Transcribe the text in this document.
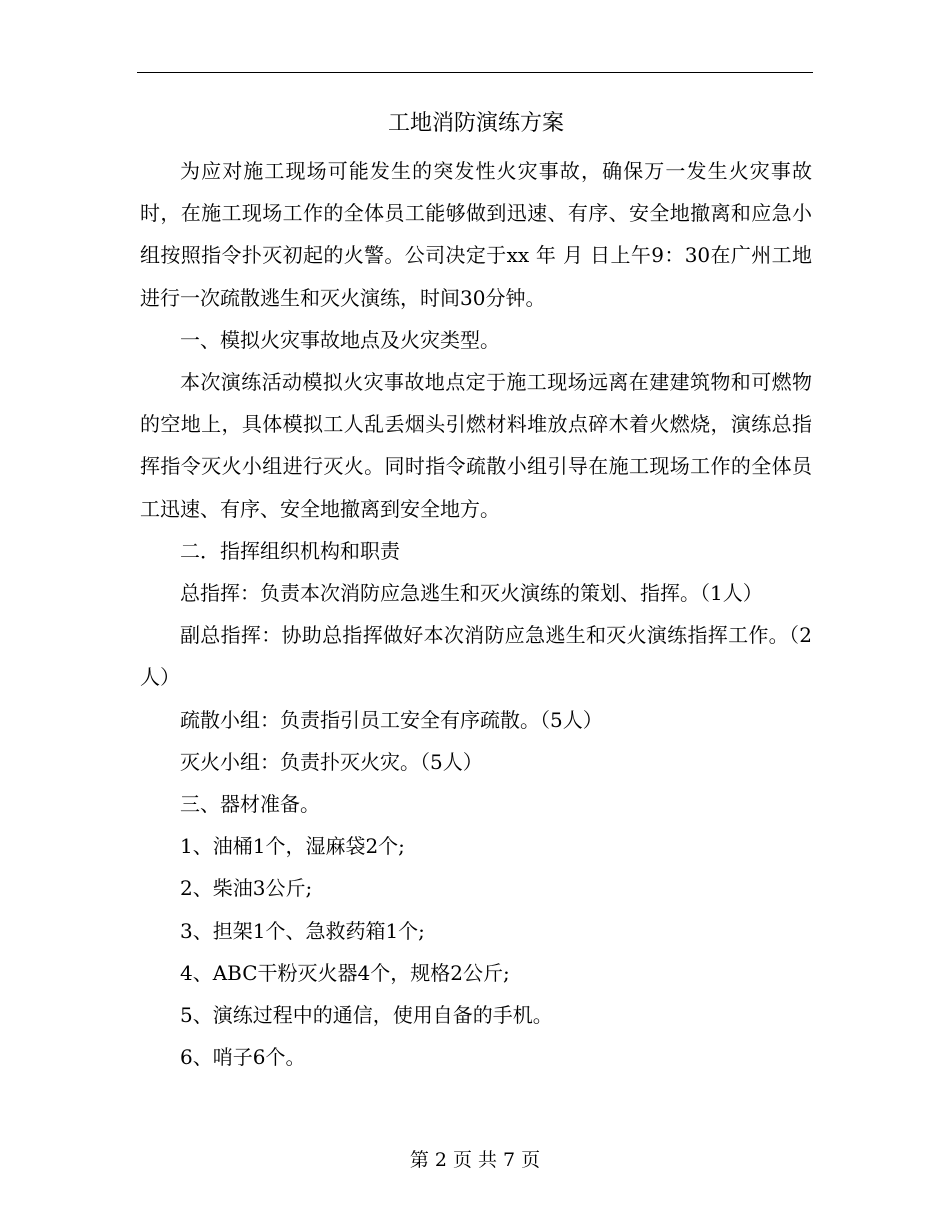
工地消防演练方案

为应对施工现场可能发生的突发性火灾事故，确保万一发生火灾事故时，在施工现场工作的全体员工能够做到迅速、有序、安全地撤离和应急小组按照指令扑灭初起的火警。公司决定于xx 年 月 日上午9：30在广州工地进行一次疏散逃生和灭火演练，时间30分钟。

一、模拟火灾事故地点及火灾类型。

本次演练活动模拟火灾事故地点定于施工现场远离在建建筑物和可燃物的空地上，具体模拟工人乱丢烟头引燃材料堆放点碎木着火燃烧，演练总指挥指令灭火小组进行灭火。同时指令疏散小组引导在施工现场工作的全体员工迅速、有序、安全地撤离到安全地方。

二．指挥组织机构和职责

总指挥：负责本次消防应急逃生和灭火演练的策划、指挥。（1人）

副总指挥：协助总指挥做好本次消防应急逃生和灭火演练指挥工作。（2人）

疏散小组：负责指引员工安全有序疏散。（5人）

灭火小组：负责扑灭火灾。（5人）

三、器材准备。

1、油桶1个，湿麻袋2个;

2、柴油3公斤;

3、担架1个、急救药箱1个;

4、ABC干粉灭火器4个，规格2公斤;

5、演练过程中的通信，使用自备的手机。

6、哨子6个。

第 2 页 共 7 页
